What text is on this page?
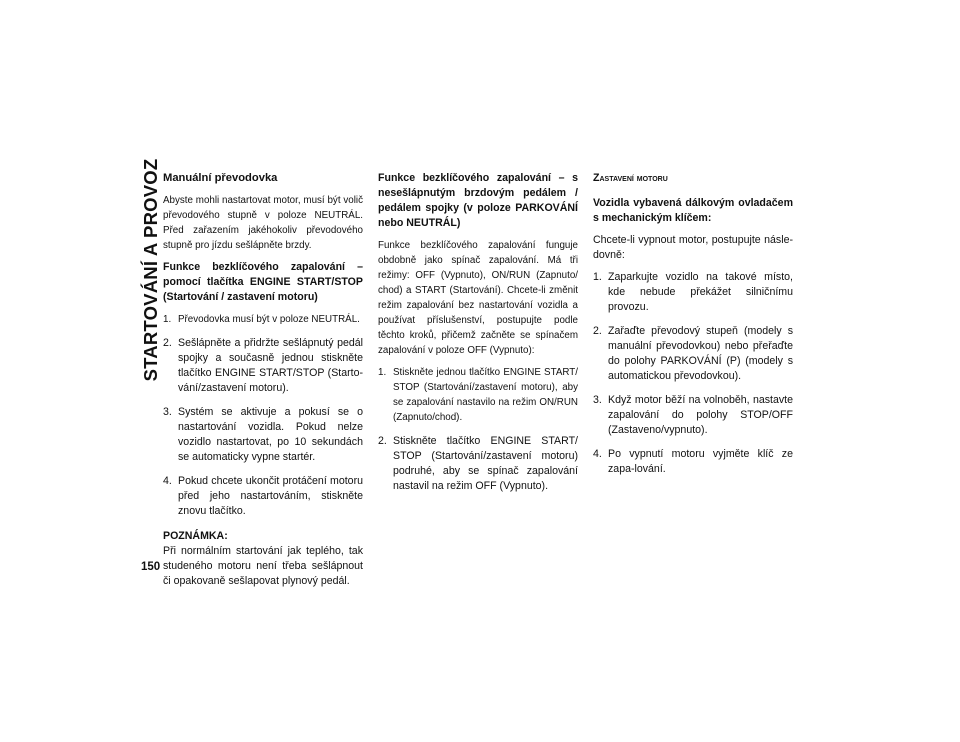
STARTOVÁNÍ A PROVOZ
150
Manuální převodovka

Abyste mohli nastartovat motor, musí být volič převodového stupně v poloze NEUTRÁL. Před zařazením jakéhokoliv převodového stupně pro jízdu sešlápněte brzdy.

Funkce bezklíčového zapalování – pomocí tlačítka ENGINE START/STOP (Startování / zastavení motoru)
1. Převodovka musí být v poloze NEUTRÁL.
2. Sešlápněte a přidržte sešlápnutý pedál spojky a současně jednou stiskněte tlačítko ENGINE START/STOP (Starto-vání/zastavení motoru).
3. Systém se aktivuje a pokusí se o nastartování vozidla. Pokud nelze vozidlo nastartovat, po 10 sekundách se automaticky vypne startér.
4. Pokud chcete ukončit protáčení motoru před jeho nastartováním, stiskněte znovu tlačítko.
POZNÁMKA:

Při normálním startování jak teplého, tak studeného motoru není třeba sešlápnout či opakovaně sešlapovat plynový pedál.

Funkce bezklíčového zapalování – s nesešlápnutým brzdovým pedálem / pedálem spojky (v poloze PARKOVÁNÍ nebo NEUTRÁL)

Funkce bezklíčového zapalování funguje obdobně jako spínač zapalování. Má tři režimy: OFF (Vypnuto), ON/RUN (Zapnuto/ chod) a START (Startování). Chcete-li změnit režim zapalování bez nastartování vozidla a používat příslušenství, postupujte podle těchto kroků, přičemž začněte se spínačem zapalování v poloze OFF (Vypnuto):

1. Stiskněte jednou tlačítko ENGINE START/ STOP (Startování/zastavení motoru), aby se zapalování nastavilo na režim ON/RUN (Zapnuto/chod).
2. Stiskněte tlačítko ENGINE START/ STOP (Startování/zastavení motoru) podruhé, aby se spínač zapalování nastavil na režim OFF (Vypnuto).
Zastavení motoru
Vozidla vybavená dálkovým ovladačem s mechanickým klíčem:

Chcete-li vypnout motor, postupujte násle-dovně:

1. Zaparkujte vozidlo na takové místo, kde nebude překážet silničnímu provozu.
2. Zařaďte převodový stupeň (modely s manuální převodovkou) nebo přeřaďte do polohy PARKOVÁNÍ (P) (modely s automatickou převodovkou).
3. Když motor běží na volnoběh, nastavte zapalování do polohy STOP/OFF (Zastaveno/vypnuto).
4. Po vypnutí motoru vyjměte klíč ze zapa-lování.
